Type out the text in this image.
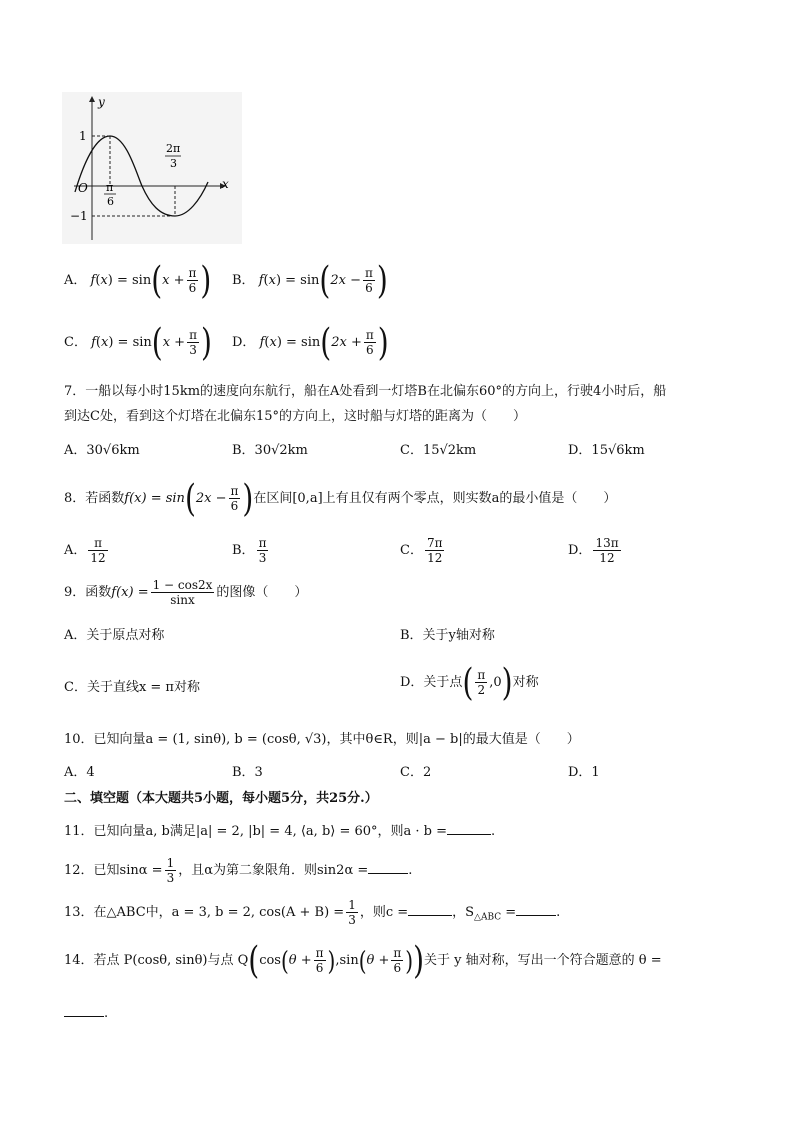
y
x
O
1
−1
π
6
2π
3
A． $f(x) = \sin(x + \frac{\pi}{6}$ ) B． $f(x) = \sin(2x - \frac{\pi}{6}$ )
C． $f(x) = \sin(x + \frac{\pi}{3}$ ) D． $f(x) = \sin(2x + \frac{\pi}{6}$ )
7．一船以每小时15km的速度向东航行，船在A处看到一灯塔B在北偏东60°的方向上，行驶4小时后，船
到达C处，看到这个灯塔在北偏东15°的方向上，这时船与灯塔的距离为（　　）
A．30√6km	B．30√2km	C．15√2km	D．15√6km
8．若函数$f(x) = \sin(2x - \frac{\pi}{6}$ )在区间[0,a]上有且仅有两个零点，则实数a的最小值是（　　）
A． $\frac{\pi}{12}$	B． $\frac{\pi}{3}$	C． $\frac{7\pi}{12}$	D． $\frac{13\pi}{12}$
9．函数$f(x) = \frac{1 - \cos 2x}{\sin x}$ 的图像（　　）
A．关于原点对称	B．关于y轴对称
C．关于直线x = π对称	D．关于点( $\frac{\pi}{2} ,0$)对称
10．已知向量a = (1, sinθ), b = (cosθ, √3)，其中θ∈R，则|a − b|的最大值是（　　）
A．4	B．3	C．2	D．1
二、填空题（本大题共5小题，每小题5分，共25分.）
11．已知向量a, b满足|a| = 2, |b| = 4, ⟨a, b⟩ = 60°，则a · b =	.
12．已知$\sin\alpha = \frac{1}{3}$ ，且α为第二象限角．则sin2α =	.
13．在△ABC中，a = 3, b = 2, $\cos(A + B) = \frac{1}{3}$ ，则c =	，$S_{\triangle ABC}$ =	.
14．若点 P(cosθ, sinθ)与点 $Q(\cos(\theta + \frac{\pi}{6} ),\sin(\theta + \frac{\pi}{6}$ ))关于 y 轴对称，写出一个符合题意的 θ =
.
